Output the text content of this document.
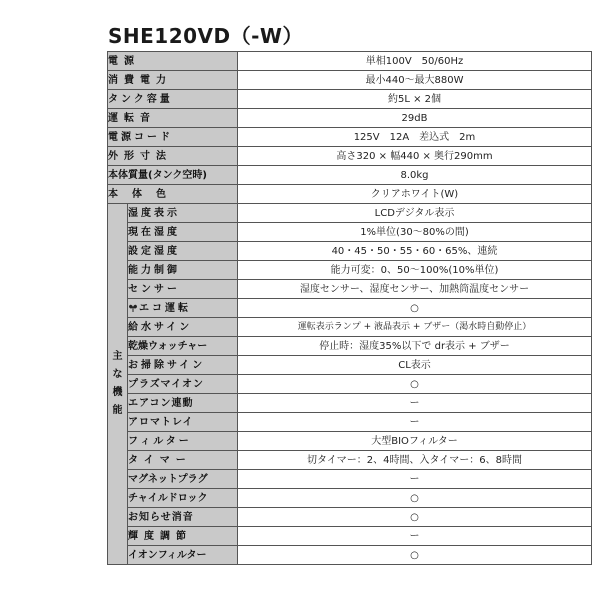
SHE120VD（-W）
電源		単相100V　50/60Hz
消費電力		最小440～最大880W
タンク容量		約5L × 2個
運転音		29dB
電源コード		125V　12A　差込式　2m
外形寸法		高さ320 × 幅440 × 奥行290mm
本体質量(タンク空時)		8.0kg
本体色		クリアホワイト(W)
主な機能	湿度表示	LCDデジタル表示
	現在湿度	1%単位(30～80%の間)
	設定湿度	40・45・50・55・60・65%、連続
	能力制御	能力可変：0、50～100%(10%単位)
	センサー	湿度センサー、湿度センサー、加熱筒温度センサー
	エコ運転	○
	給水サイン	運転表示ランプ + 液晶表示 + ブザー（渇水時自動停止）
	乾燥ウォッチャー	停止時：湿度35%以下で dr表示 + ブザー
	お掃除サイン	CL表示
	プラズマイオン	○
	エアコン連動	ー
	アロマトレイ	ー
	フィルター	大型BIOフィルター
	タイマー	切タイマー：2、4時間、入タイマー：6、8時間
	マグネットプラグ	ー
	チャイルドロック	○
	お知らせ消音	○
	輝度調節	ー
	イオンフィルター	○
